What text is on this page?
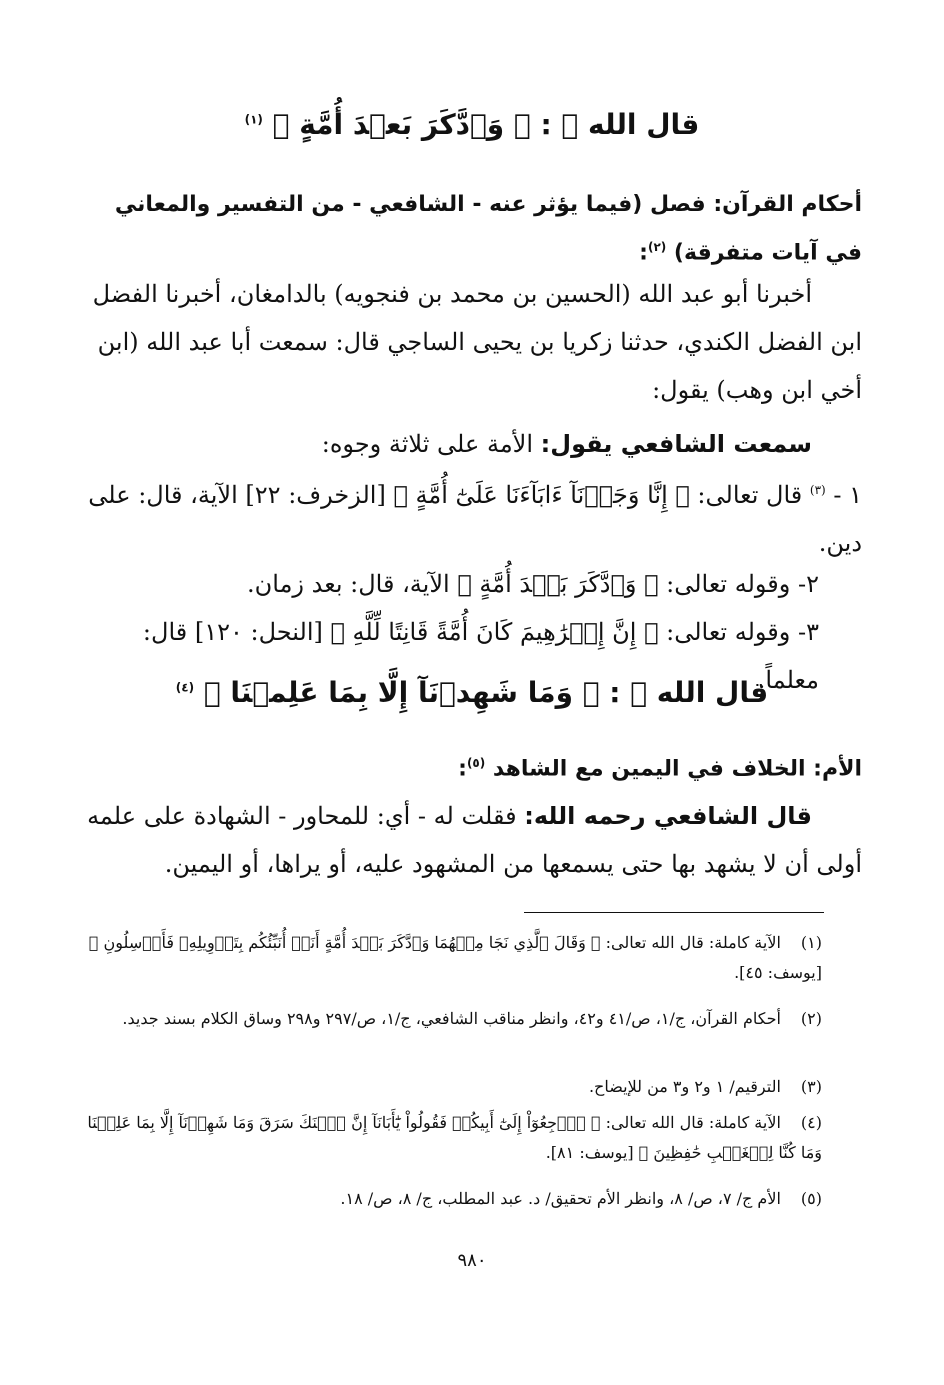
قال الله ﷻ : ﴿ وَٱدَّكَرَ بَعۡدَ أُمَّةٍ ﴾ $^{(١)}$
أحكام القرآن: فصل (فيما يؤثر عنه - الشافعي - من التفسير والمعاني في آيات متفرقة) $^{(٢)}$:
أخبرنا أبو عبد الله (الحسين بن محمد بن فنجويه) بالدامغان، أخبرنا الفضل ابن الفضل الكندي، حدثنا زكريا بن يحيى الساجي قال: سمعت أبا عبد الله (ابن أخي ابن وهب) يقول:
سمعت الشافعي يقول: الأمة على ثلاثة وجوه:
١ - $^{(٣)}$ قال تعالى: ﴿ إِنَّا وَجَدۡنَآ ءَابَآءَنَا عَلَىٰٓ أُمَّةٍ ﴾ [الزخرف: ٢٢] الآية، قال: على دين.
٢- وقوله تعالى: ﴿ وَٱدَّكَرَ بَعۡدَ أُمَّةٍ ﴾ الآية، قال: بعد زمان.
٣- وقوله تعالى: ﴿ إِنَّ إِبۡرَٰهِيمَ كَانَ أُمَّةً قَانِتًا لِّلَّهِ ﴾ [النحل: ١٢٠] قال: معلماً.
قال الله ﷻ : ﴿ وَمَا شَهِدۡنَآ إِلَّا بِمَا عَلِمۡنَا ﴾ $^{(٤)}$
الأم: الخلاف في اليمين مع الشاهد $^{(٥)}$:
قال الشافعي رحمه الله: فقلت له - أي: للمحاور - الشهادة على علمه أولى أن لا يشهد بها حتى يسمعها من المشهود عليه، أو يراها، أو اليمين.
(١) الآية كاملة: قال الله تعالى: ﴿ وَقَالَ ٱلَّذِي نَجَا مِنۡهُمَا وَٱدَّكَرَ بَعۡدَ أُمَّةٍ أَنَا۠ أُنَبِّئُكُم بِتَأۡوِيلِهِۦ فَأَرۡسِلُونِ ﴾ [يوسف: ٤٥].
(٢) أحكام القرآن، ج/١، ص/٤١ و٤٢، وانظر مناقب الشافعي، ج/١، ص/٢٩٧ و٢٩٨ وساق الكلام بسند جديد.
(٣) الترقيم/ ١ و٢ و٣ من للإيضاح.
(٤) الآية كاملة: قال الله تعالى: ﴿ ٱرۡجِعُوٓاْ إِلَىٰٓ أَبِيكُمۡ فَقُولُواْ يَٰٓأَبَانَآ إِنَّ ٱبۡنَكَ سَرَقَ وَمَا شَهِدۡنَآ إِلَّا بِمَا عَلِمۡنَا وَمَا كُنَّا لِلۡغَيۡبِ حَٰفِظِينَ ﴾ [يوسف: ٨١].
(٥) الأم ج/ ٧، ص/ ٨، وانظر الأم تحقيق/ د. عبد المطلب، ج/ ٨، ص/ ١٨.
٩٨٠
